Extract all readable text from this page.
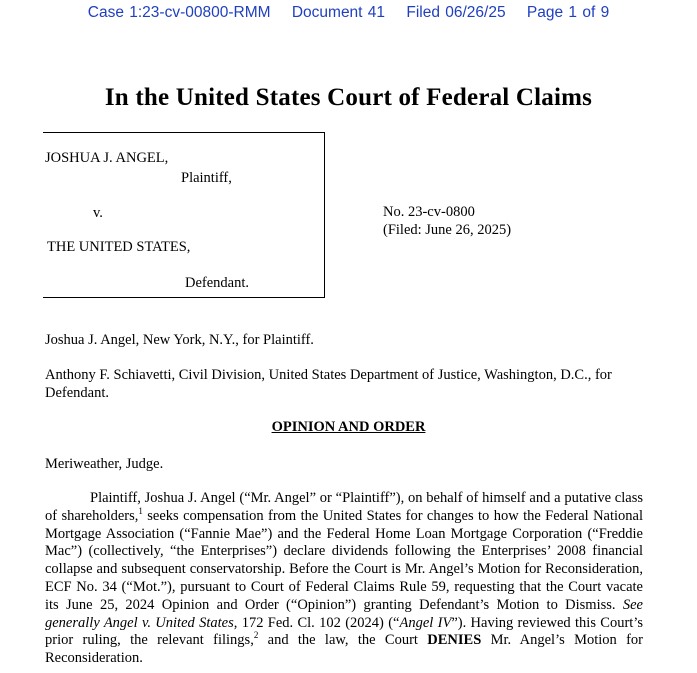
Case 1:23-cv-00800-RMM Document 41 Filed 06/26/25 Page 1 of 9
In the United States Court of Federal Claims
JOSHUA J. ANGEL,
Plaintiff,
v.
THE UNITED STATES,
Defendant.
No. 23-cv-0800
(Filed: June 26, 2025)
Joshua J. Angel, New York, N.Y., for Plaintiff.
Anthony F. Schiavetti, Civil Division, United States Department of Justice, Washington, D.C., for Defendant.
OPINION AND ORDER
Meriweather, Judge.
Plaintiff, Joshua J. Angel (“Mr. Angel” or “Plaintiff”), on behalf of himself and a putative class of shareholders,$^1$ seeks compensation from the United States for changes to how the Federal National Mortgage Association (“Fannie Mae”) and the Federal Home Loan Mortgage Corporation (“Freddie Mac”) (collectively, “the Enterprises”) declare dividends following the Enterprises’ 2008 financial collapse and subsequent conservatorship. Before the Court is Mr. Angel’s Motion for Reconsideration, ECF No. 34 (“Mot.”), pursuant to Court of Federal Claims Rule 59, requesting that the Court vacate its June 25, 2024 Opinion and Order (“Opinion”) granting Defendant’s Motion to Dismiss. See generally Angel v. United States, 172 Fed. Cl. 102 (2024) (“Angel IV”). Having reviewed this Court’s prior ruling, the relevant filings,$^2$ and the law, the Court DENIES Mr. Angel’s Motion for Reconsideration.
